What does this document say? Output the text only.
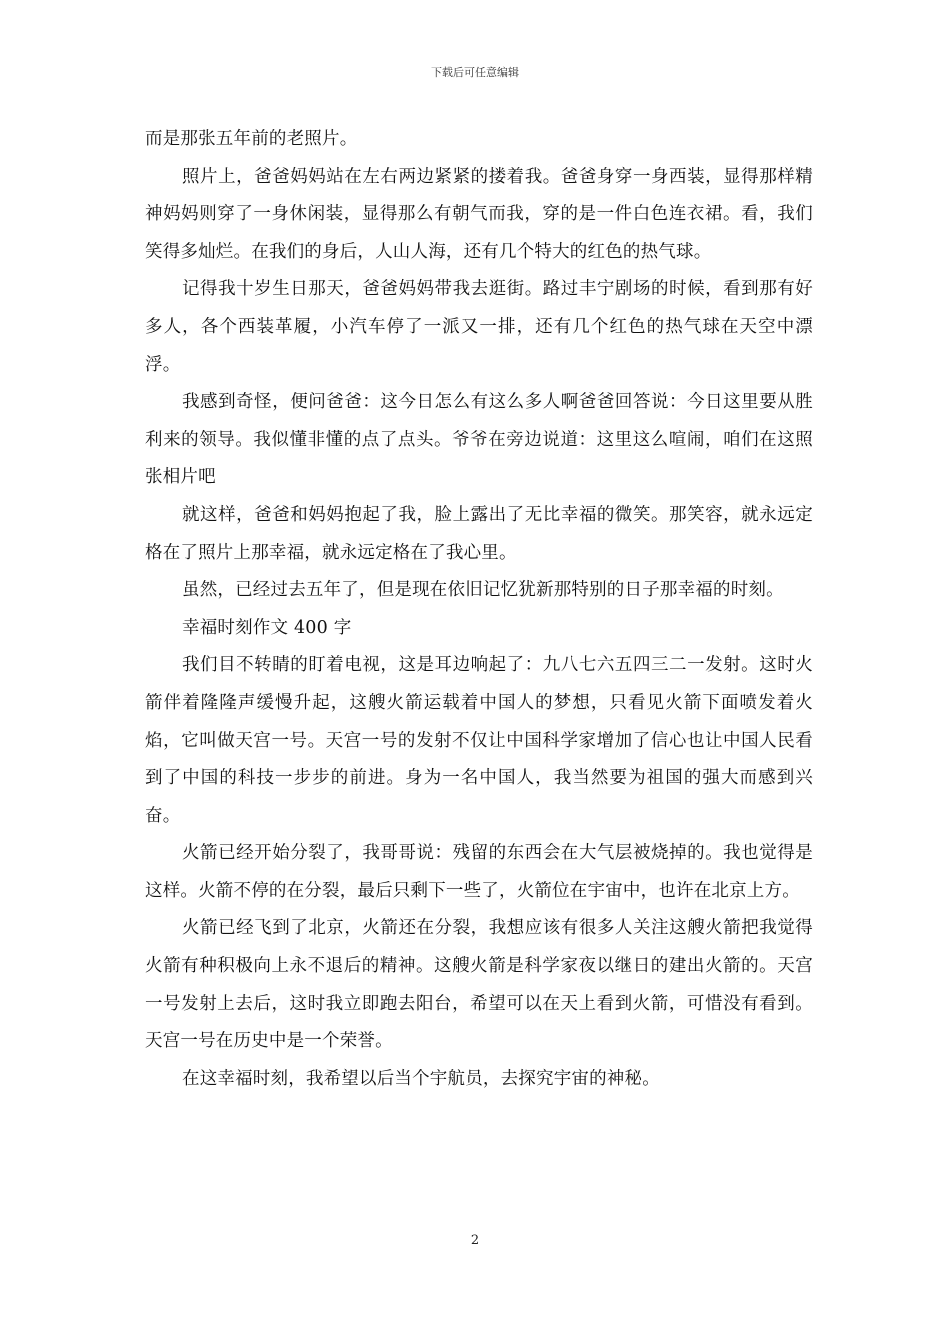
下载后可任意编辑

而是那张五年前的老照片。

照片上，爸爸妈妈站在左右两边紧紧的搂着我。爸爸身穿一身西装，显得那样精神妈妈则穿了一身休闲装，显得那么有朝气而我，穿的是一件白色连衣裙。看，我们笑得多灿烂。在我们的身后，人山人海，还有几个特大的红色的热气球。

记得我十岁生日那天，爸爸妈妈带我去逛街。路过丰宁剧场的时候，看到那有好多人，各个西装革履，小汽车停了一派又一排，还有几个红色的热气球在天空中漂浮。

我感到奇怪，便问爸爸：这今日怎么有这么多人啊爸爸回答说：今日这里要从胜利来的领导。我似懂非懂的点了点头。爷爷在旁边说道：这里这么喧闹，咱们在这照张相片吧

就这样，爸爸和妈妈抱起了我，脸上露出了无比幸福的微笑。那笑容，就永远定格在了照片上那幸福，就永远定格在了我心里。

虽然，已经过去五年了，但是现在依旧记忆犹新那特别的日子那幸福的时刻。

幸福时刻作文 400 字

我们目不转睛的盯着电视，这是耳边响起了：九八七六五四三二一发射。这时火箭伴着隆隆声缓慢升起，这艘火箭运载着中国人的梦想，只看见火箭下面喷发着火焰，它叫做天宫一号。天宫一号的发射不仅让中国科学家增加了信心也让中国人民看到了中国的科技一步步的前进。身为一名中国人，我当然要为祖国的强大而感到兴奋。

火箭已经开始分裂了，我哥哥说：残留的东西会在大气层被烧掉的。我也觉得是这样。火箭不停的在分裂，最后只剩下一些了，火箭位在宇宙中，也许在北京上方。

火箭已经飞到了北京，火箭还在分裂，我想应该有很多人关注这艘火箭把我觉得火箭有种积极向上永不退后的精神。这艘火箭是科学家夜以继日的建出火箭的。天宫一号发射上去后，这时我立即跑去阳台，希望可以在天上看到火箭，可惜没有看到。天宫一号在历史中是一个荣誉。

在这幸福时刻，我希望以后当个宇航员，去探究宇宙的神秘。

2
